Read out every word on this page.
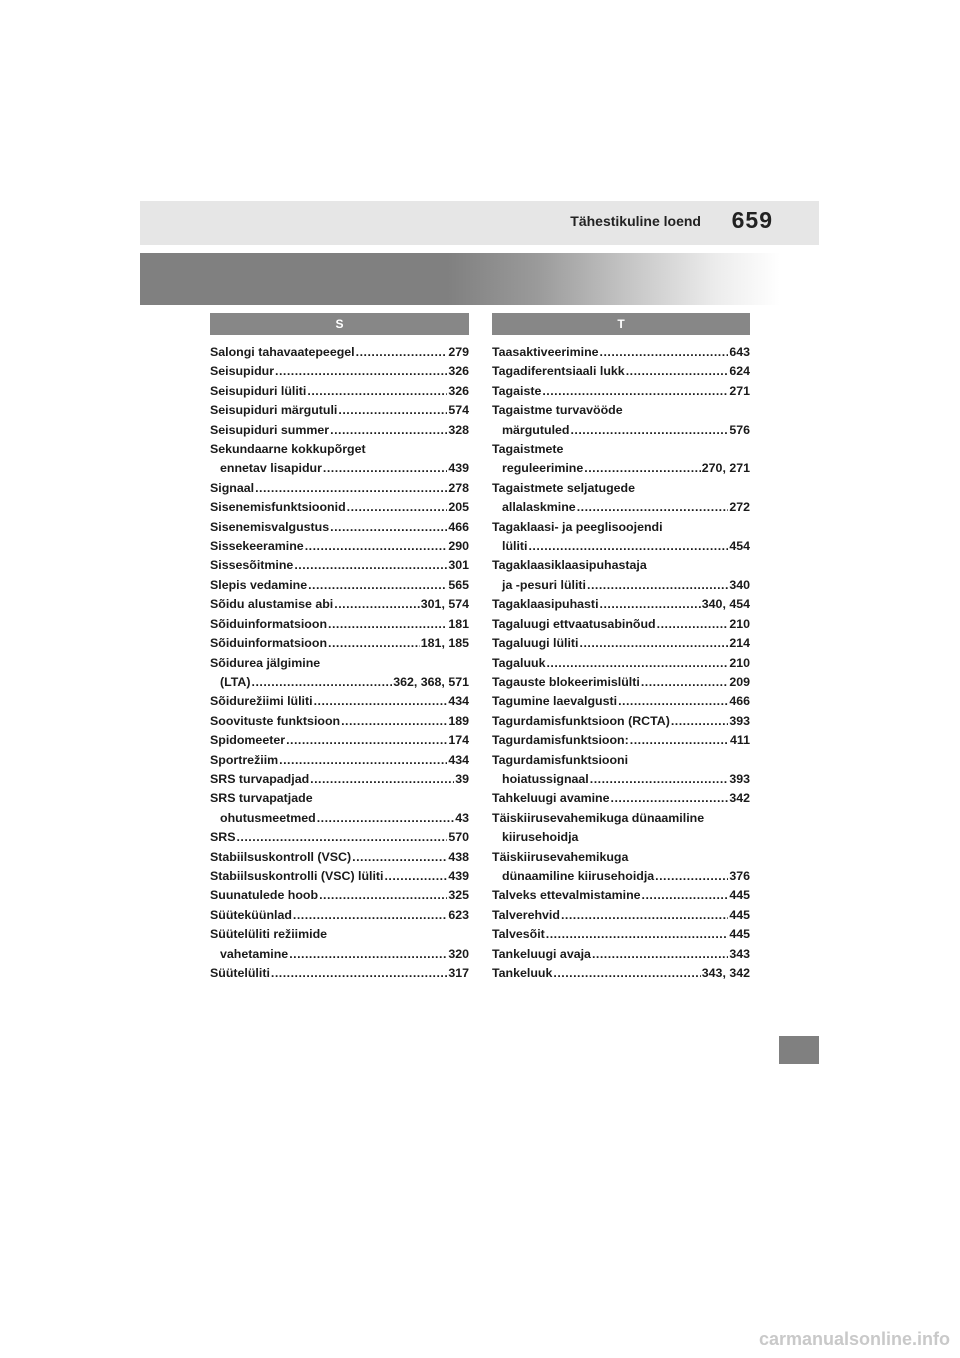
Tähestikuline loend 659
S
Salongi tahavaatepeegel .....	279
Seisupidur .....	326
Seisupiduri lüliti .....	326
Seisupiduri märgutuli .....	574
Seisupiduri summer .....	328
Sekundaarne kokkupõrget
ennetav lisapidur .....	439
Signaal .....	278
Sisenemisfunktsioonid .....	205
Sisenemisvalgustus .....	466
Sissekeeramine .....	290
Sissesõitmine .....	301
Slepis vedamine .....	565
Sõidu alustamise abi .....	301, 574
Sõiduinformatsioon .....	181
Sõiduinformatsioon .....	181, 185
Sõidurea jälgimine
(LTA) .....	362, 368, 571
Sõidurežiimi lüliti .....	434
Soovituste funktsioon .....	189
Spidomeeter .....	174
Sportrežiim .....	434
SRS turvapadjad .....	39
SRS turvapatjade
ohutusmeetmed .....	43
SRS .....	570
Stabiilsuskontroll (VSC) .....	438
Stabiilsuskontrolli (VSC) lüliti .....	439
Suunatulede hoob .....	325
Süüteküünlad .....	623
Süütelüliti režiimide
vahetamine .....	320
Süütelüliti .....	317
T
Taasaktiveerimine .....	643
Tagadiferentsiaali lukk .....	624
Tagaiste .....	271
Tagaistme turvavööde
märgutuled .....	576
Tagaistmete
reguleerimine .....	270, 271
Tagaistmete seljatugede
allalaskmine .....	272
Tagaklaasi- ja peeglisoojendi
lüliti .....	454
Tagaklaasiklaasipuhastaja
ja -pesuri lüliti .....	340
Tagaklaasipuhasti .....	340, 454
Tagaluugi ettvaatusabinõud .....	210
Tagaluugi lüliti .....	214
Tagaluuk .....	210
Tagauste blokeerimislülti .....	209
Tagumine laevalgusti .....	466
Tagurdamisfunktsioon (RCTA) .....	393
Tagurdamisfunktsioon: .....	411
Tagurdamisfunktsiooni
hoiatussignaal .....	393
Tahkeluugi avamine .....	342
Täiskiirusevahemikuga dünaamiline
kiirusehoidja
Täiskiirusevahemikuga
dünaamiline kiirusehoidja .....	376
Talveks ettevalmistamine .....	445
Talverehvid .....	445
Talvesõit .....	445
Tankeluugi avaja .....	343
Tankeluuk .....	343, 342
carmanualsonline.info
